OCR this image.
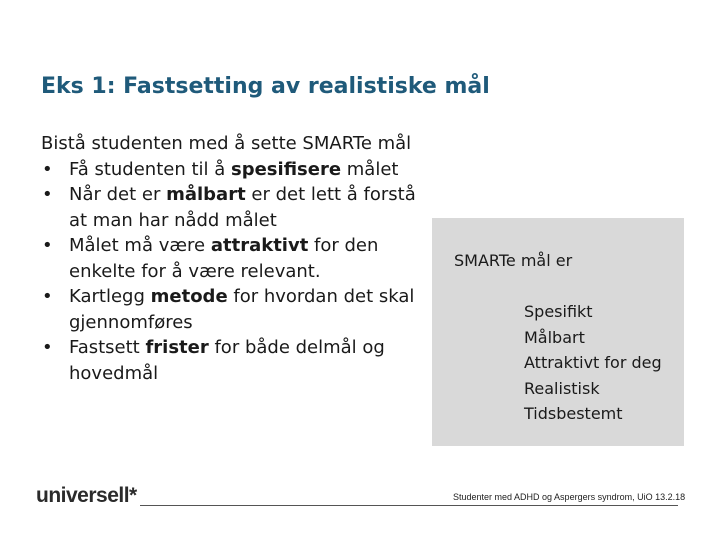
Eks 1: Fastsetting av realistiske mål

Bistå studenten med å sette SMARTe mål

• Få studenten til å spesifisere målet
• Når det er målbart er det lett å forstå at man har nådd målet
• Målet må være attraktivt for den enkelte for å være relevant.
• Kartlegg metode for hvordan det skal gjennomføres
• Fastsett frister for både delmål og hovedmål
SMARTe mål er
Spesifikt
Målbart
Attraktivt for deg
Realistisk
Tidsbestemt
universell*	Studenter med ADHD og Aspergers syndrom, UiO 13.2.18
